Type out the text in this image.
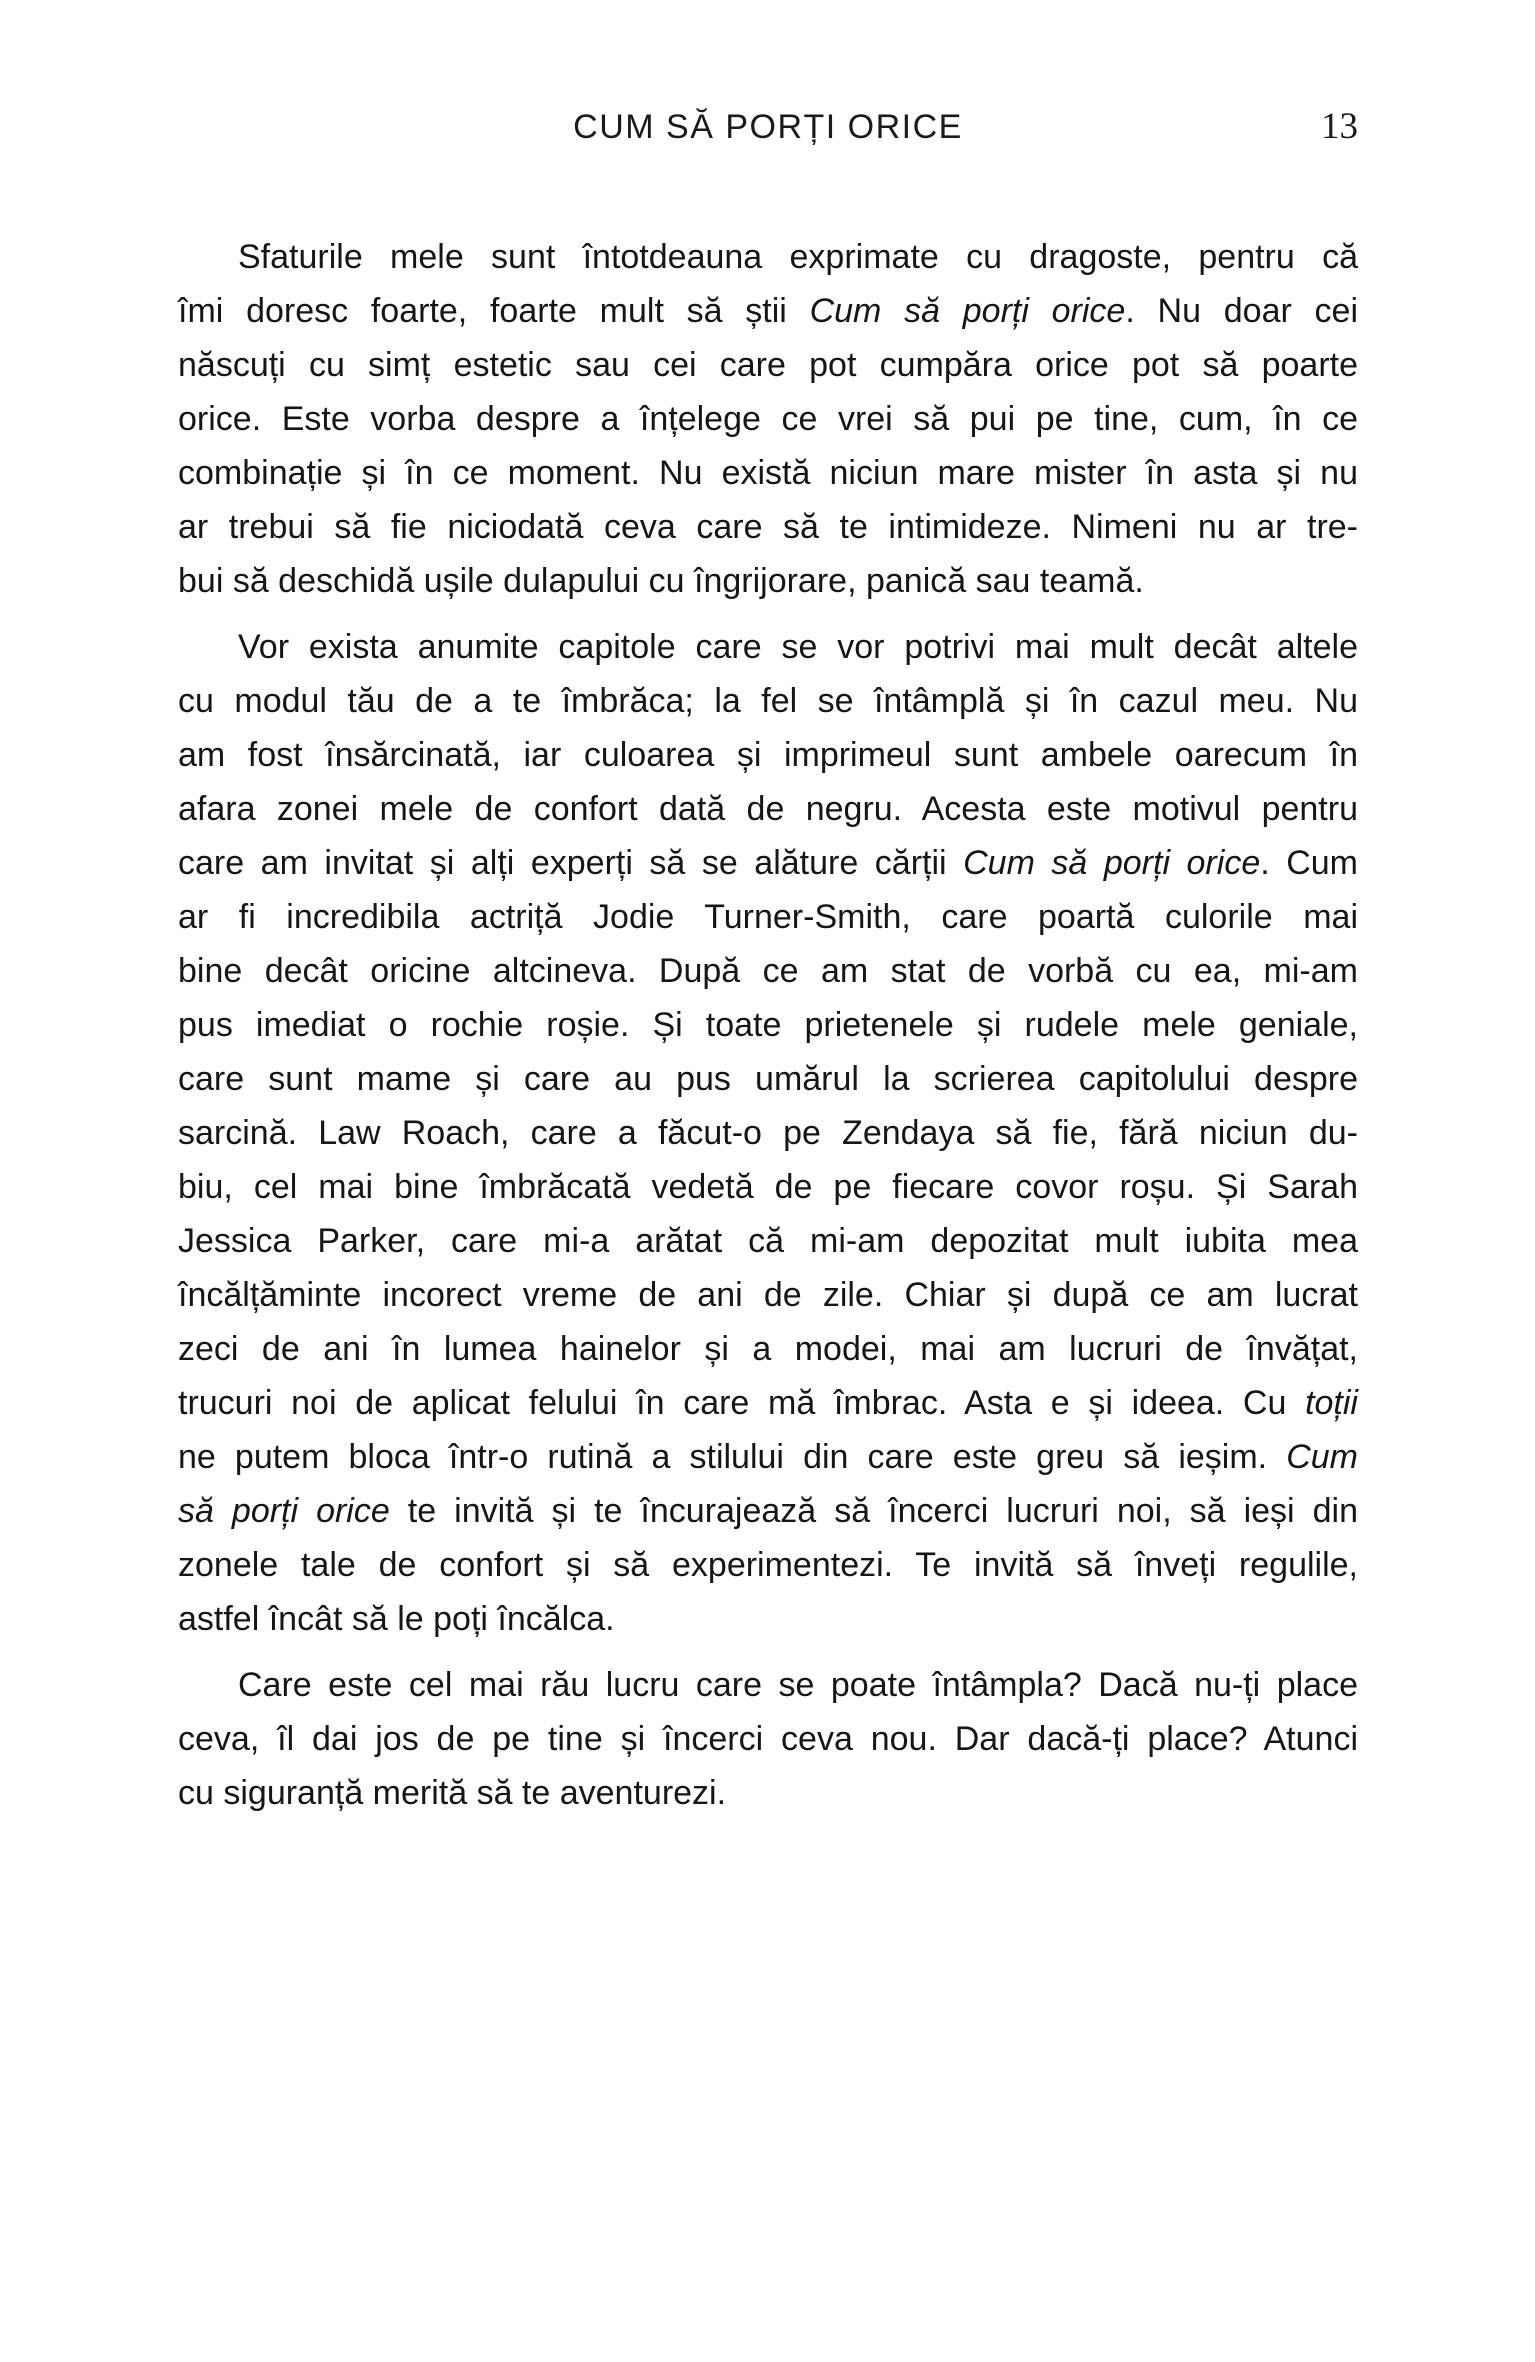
CUM SĂ PORȚI ORICE	13

Sfaturile mele sunt întotdeauna exprimate cu dragoste, pentru că
îmi doresc foarte, foarte mult să știi Cum să porți orice. Nu doar cei
născuți cu simț estetic sau cei care pot cumpăra orice pot să poarte
orice. Este vorba despre a înțelege ce vrei să pui pe tine, cum, în ce
combinație și în ce moment. Nu există niciun mare mister în asta și nu
ar trebui să fie niciodată ceva care să te intimideze. Nimeni nu ar tre-
bui să deschidă ușile dulapului cu îngrijorare, panică sau teamă.

Vor exista anumite capitole care se vor potrivi mai mult decât altele
cu modul tău de a te îmbrăca; la fel se întâmplă și în cazul meu. Nu
am fost însărcinată, iar culoarea și imprimeul sunt ambele oarecum în
afara zonei mele de confort dată de negru. Acesta este motivul pentru
care am invitat și alți experți să se alăture cărții Cum să porți orice. Cum
ar fi incredibila actriță Jodie Turner-Smith, care poartă culorile mai
bine decât oricine altcineva. După ce am stat de vorbă cu ea, mi-am
pus imediat o rochie roșie. Și toate prietenele și rudele mele geniale,
care sunt mame și care au pus umărul la scrierea capitolului despre
sarcină. Law Roach, care a făcut-o pe Zendaya să fie, fără niciun du-
biu, cel mai bine îmbrăcată vedetă de pe fiecare covor roșu. Și Sarah
Jessica Parker, care mi-a arătat că mi-am depozitat mult iubita mea
încălțăminte incorect vreme de ani de zile. Chiar și după ce am lucrat
zeci de ani în lumea hainelor și a modei, mai am lucruri de învățat,
trucuri noi de aplicat felului în care mă îmbrac. Asta e și ideea. Cu toții
ne putem bloca într-o rutină a stilului din care este greu să ieșim. Cum
să porți orice te invită și te încurajează să încerci lucruri noi, să ieși din
zonele tale de confort și să experimentezi. Te invită să înveți regulile,
astfel încât să le poți încălca.

Care este cel mai rău lucru care se poate întâmpla? Dacă nu-ți place
ceva, îl dai jos de pe tine și încerci ceva nou. Dar dacă-ți place? Atunci
cu siguranță merită să te aventurezi.
